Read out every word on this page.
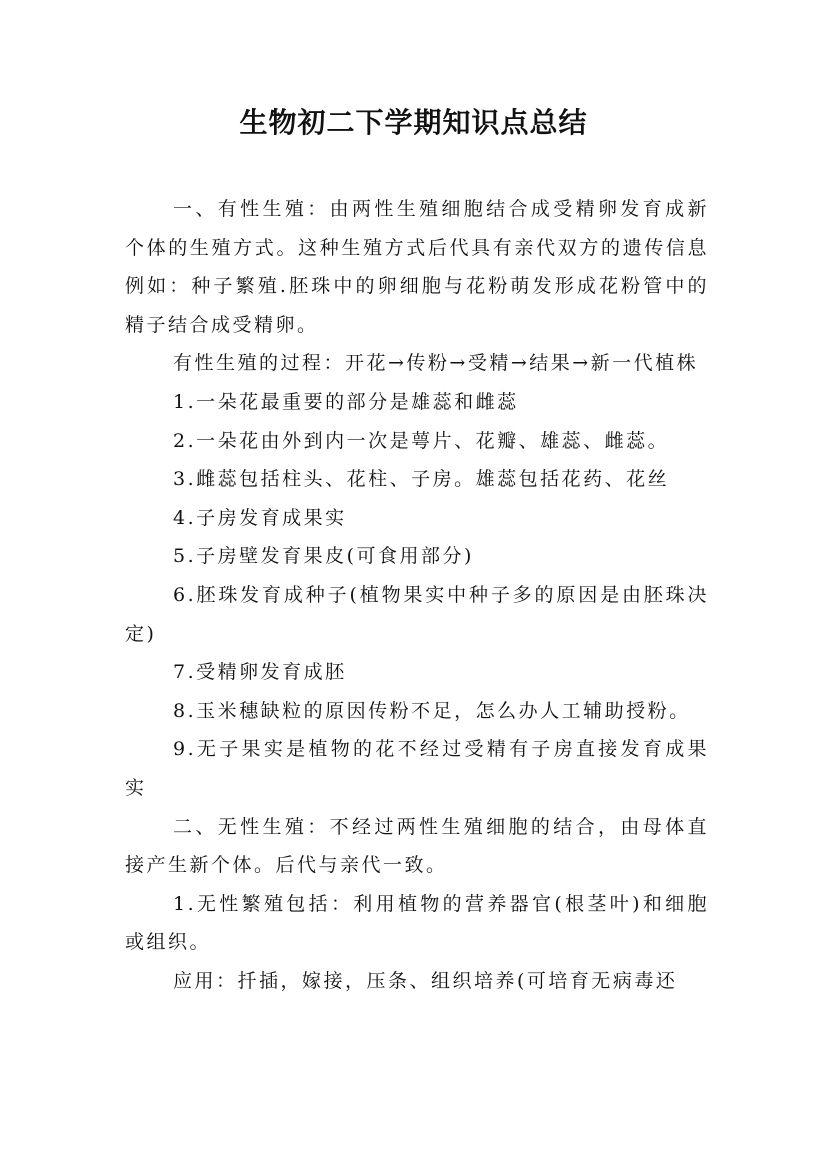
生物初二下学期知识点总结

一、有性生殖：由两性生殖细胞结合成受精卵发育成新个体的生殖方式。这种生殖方式后代具有亲代双方的遗传信息例如：种子繁殖.胚珠中的卵细胞与花粉萌发形成花粉管中的精子结合成受精卵。

有性生殖的过程：开花→传粉→受精→结果→新一代植株

1.一朵花最重要的部分是雄蕊和雌蕊

2.一朵花由外到内一次是萼片、花瓣、雄蕊、雌蕊。

3.雌蕊包括柱头、花柱、子房。雄蕊包括花药、花丝

4.子房发育成果实

5.子房壁发育果皮(可食用部分)

6.胚珠发育成种子(植物果实中种子多的原因是由胚珠决定)

7.受精卵发育成胚

8.玉米穗缺粒的原因传粉不足，怎么办人工辅助授粉。

9.无子果实是植物的花不经过受精有子房直接发育成果实

二、无性生殖：不经过两性生殖细胞的结合，由母体直接产生新个体。后代与亲代一致。

1.无性繁殖包括：利用植物的营养器官(根茎叶)和细胞或组织。

应用：扦插，嫁接，压条、组织培养(可培育无病毒还
